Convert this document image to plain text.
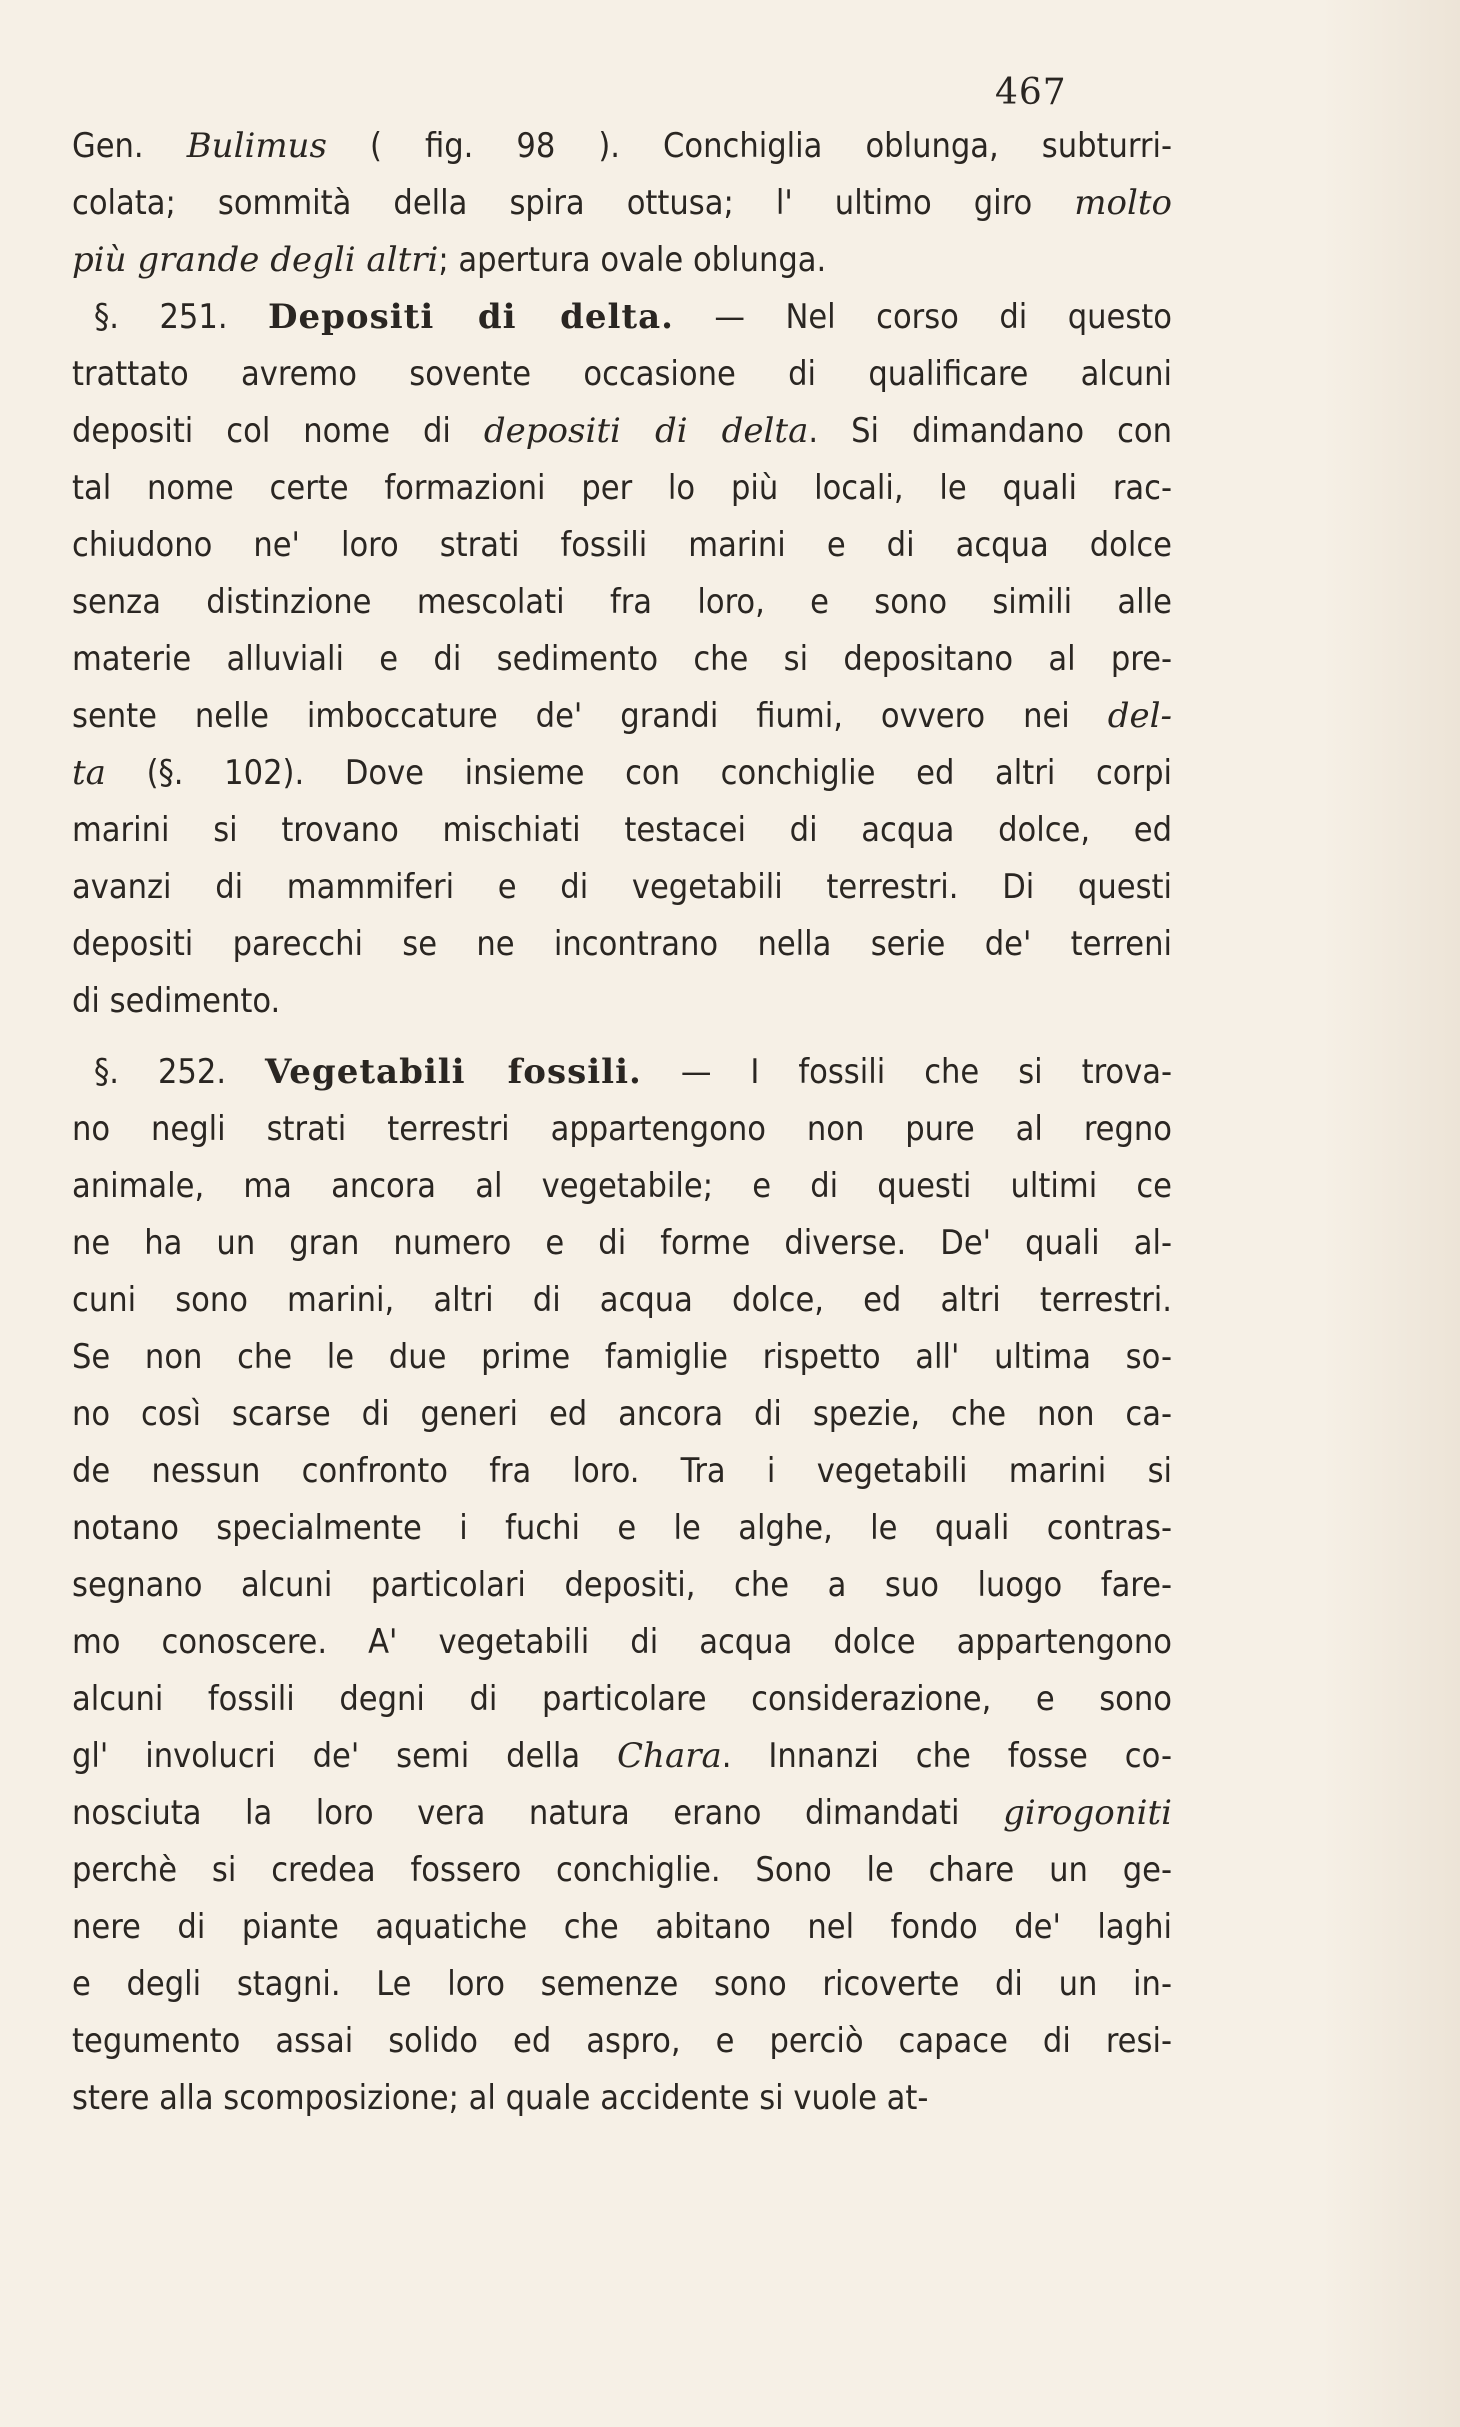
467
Gen. Bulimus ( fig. 98 ). Conchiglia oblunga, subturri-
colata; sommità della spira ottusa; l' ultimo giro molto
più grande degli altri; apertura ovale oblunga.
§. 251. Depositi di delta. — Nel corso di questo
trattato avremo sovente occasione di qualificare alcuni
depositi col nome di depositi di delta. Si dimandano con
tal nome certe formazioni per lo più locali, le quali rac-
chiudono ne' loro strati fossili marini e di acqua dolce
senza distinzione mescolati fra loro, e sono simili alle
materie alluviali e di sedimento che si depositano al pre-
sente nelle imboccature de' grandi fiumi, ovvero nei del-
ta (§. 102). Dove insieme con conchiglie ed altri corpi
marini si trovano mischiati testacei di acqua dolce, ed
avanzi di mammiferi e di vegetabili terrestri. Di questi
depositi parecchi se ne incontrano nella serie de' terreni
di sedimento.
§. 252. Vegetabili fossili. — I fossili che si trova-
no negli strati terrestri appartengono non pure al regno
animale, ma ancora al vegetabile; e di questi ultimi ce
ne ha un gran numero e di forme diverse. De' quali al-
cuni sono marini, altri di acqua dolce, ed altri terrestri.
Se non che le due prime famiglie rispetto all' ultima so-
no così scarse di generi ed ancora di spezie, che non ca-
de nessun confronto fra loro. Tra i vegetabili marini si
notano specialmente i fuchi e le alghe, le quali contras-
segnano alcuni particolari depositi, che a suo luogo fare-
mo conoscere. A' vegetabili di acqua dolce appartengono
alcuni fossili degni di particolare considerazione, e sono
gl' involucri de' semi della Chara. Innanzi che fosse co-
nosciuta la loro vera natura erano dimandati girogoniti
perchè si credea fossero conchiglie. Sono le chare un ge-
nere di piante aquatiche che abitano nel fondo de' laghi
e degli stagni. Le loro semenze sono ricoverte di un in-
tegumento assai solido ed aspro, e perciò capace di resi-
stere alla scomposizione; al quale accidente si vuole at-
